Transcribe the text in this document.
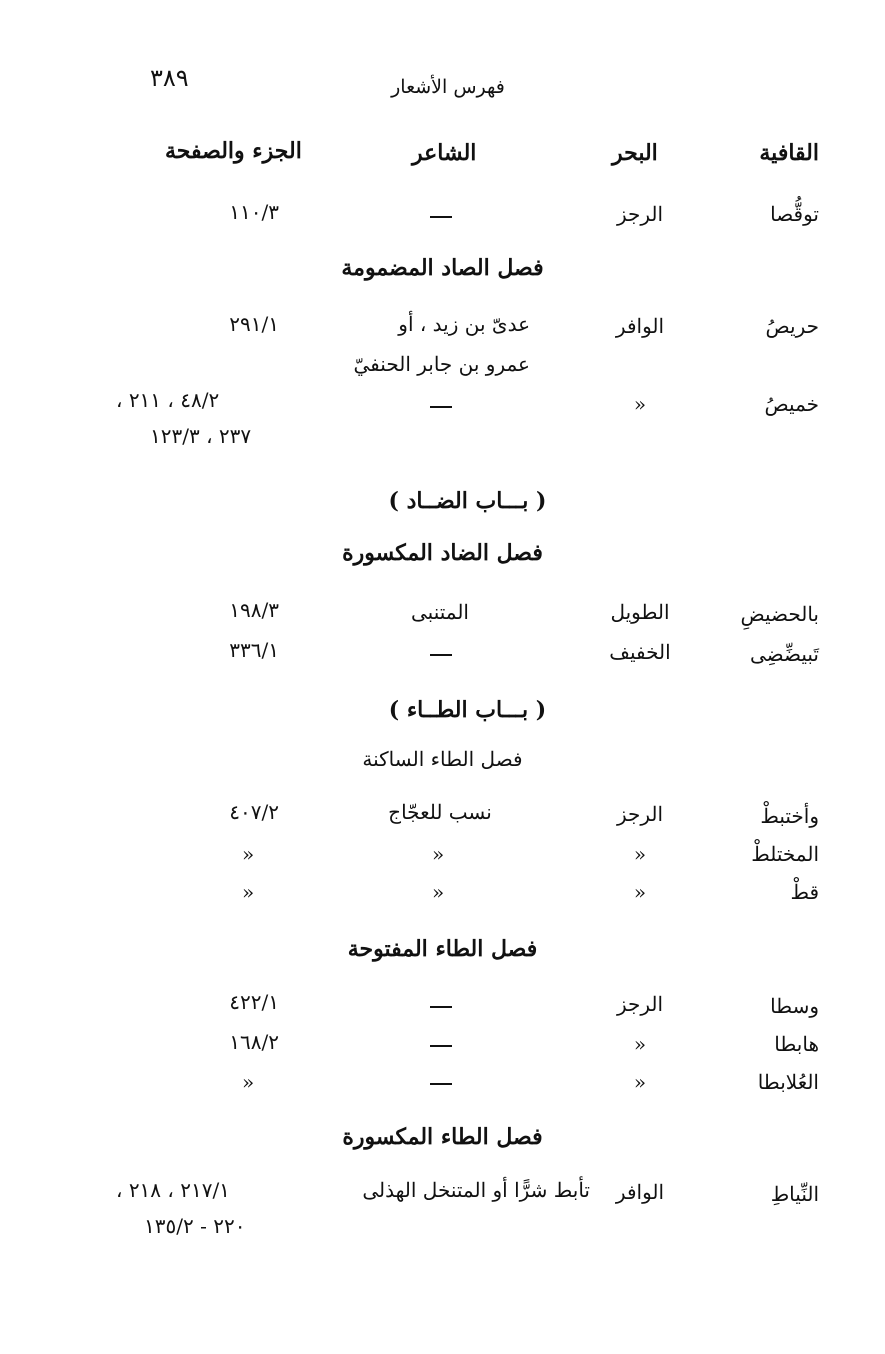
٣٨٩	فهرس الأشعار
القافية
البحر
الشاعر
الجزء والصفحة
توقُّصا
الرجز
١١٠/٣
فصل الصاد المضمومة
حريصُ
الوافر
عدىّ بن زيد ، أو
عمرو بن جابر الحنفيّ
٢٩١/١
خميصُ
»
٤٨/٢ ، ٢١١ ،
٢٣٧ ، ١٢٣/٣
( بـــاب الضــاد )
فصل الضاد المكسورة
بالحضيضِ
الطويل
المتنبى
١٩٨/٣
تَبيضِّضِى
الخفيف
٣٣٦/١
( بـــاب الطــاء )
فصل الطاء الساكنة
وأختبطْ
الرجز
نسب للعجّاج
٤٠٧/٢
المختلطْ
»
»
»
قطْ
»
»
»
فصل الطاء المفتوحة
وسطا
الرجز
٤٢٢/١
هابطا
»
١٦٨/٢
العُلابطا
»
»
فصل الطاء المكسورة
النِّياطِ
الوافر
تأبط شرًّا أو المتنخل الهذلى
٢١٧/١ ، ٢١٨ ،
٢٢٠ - ١٣٥/٢
